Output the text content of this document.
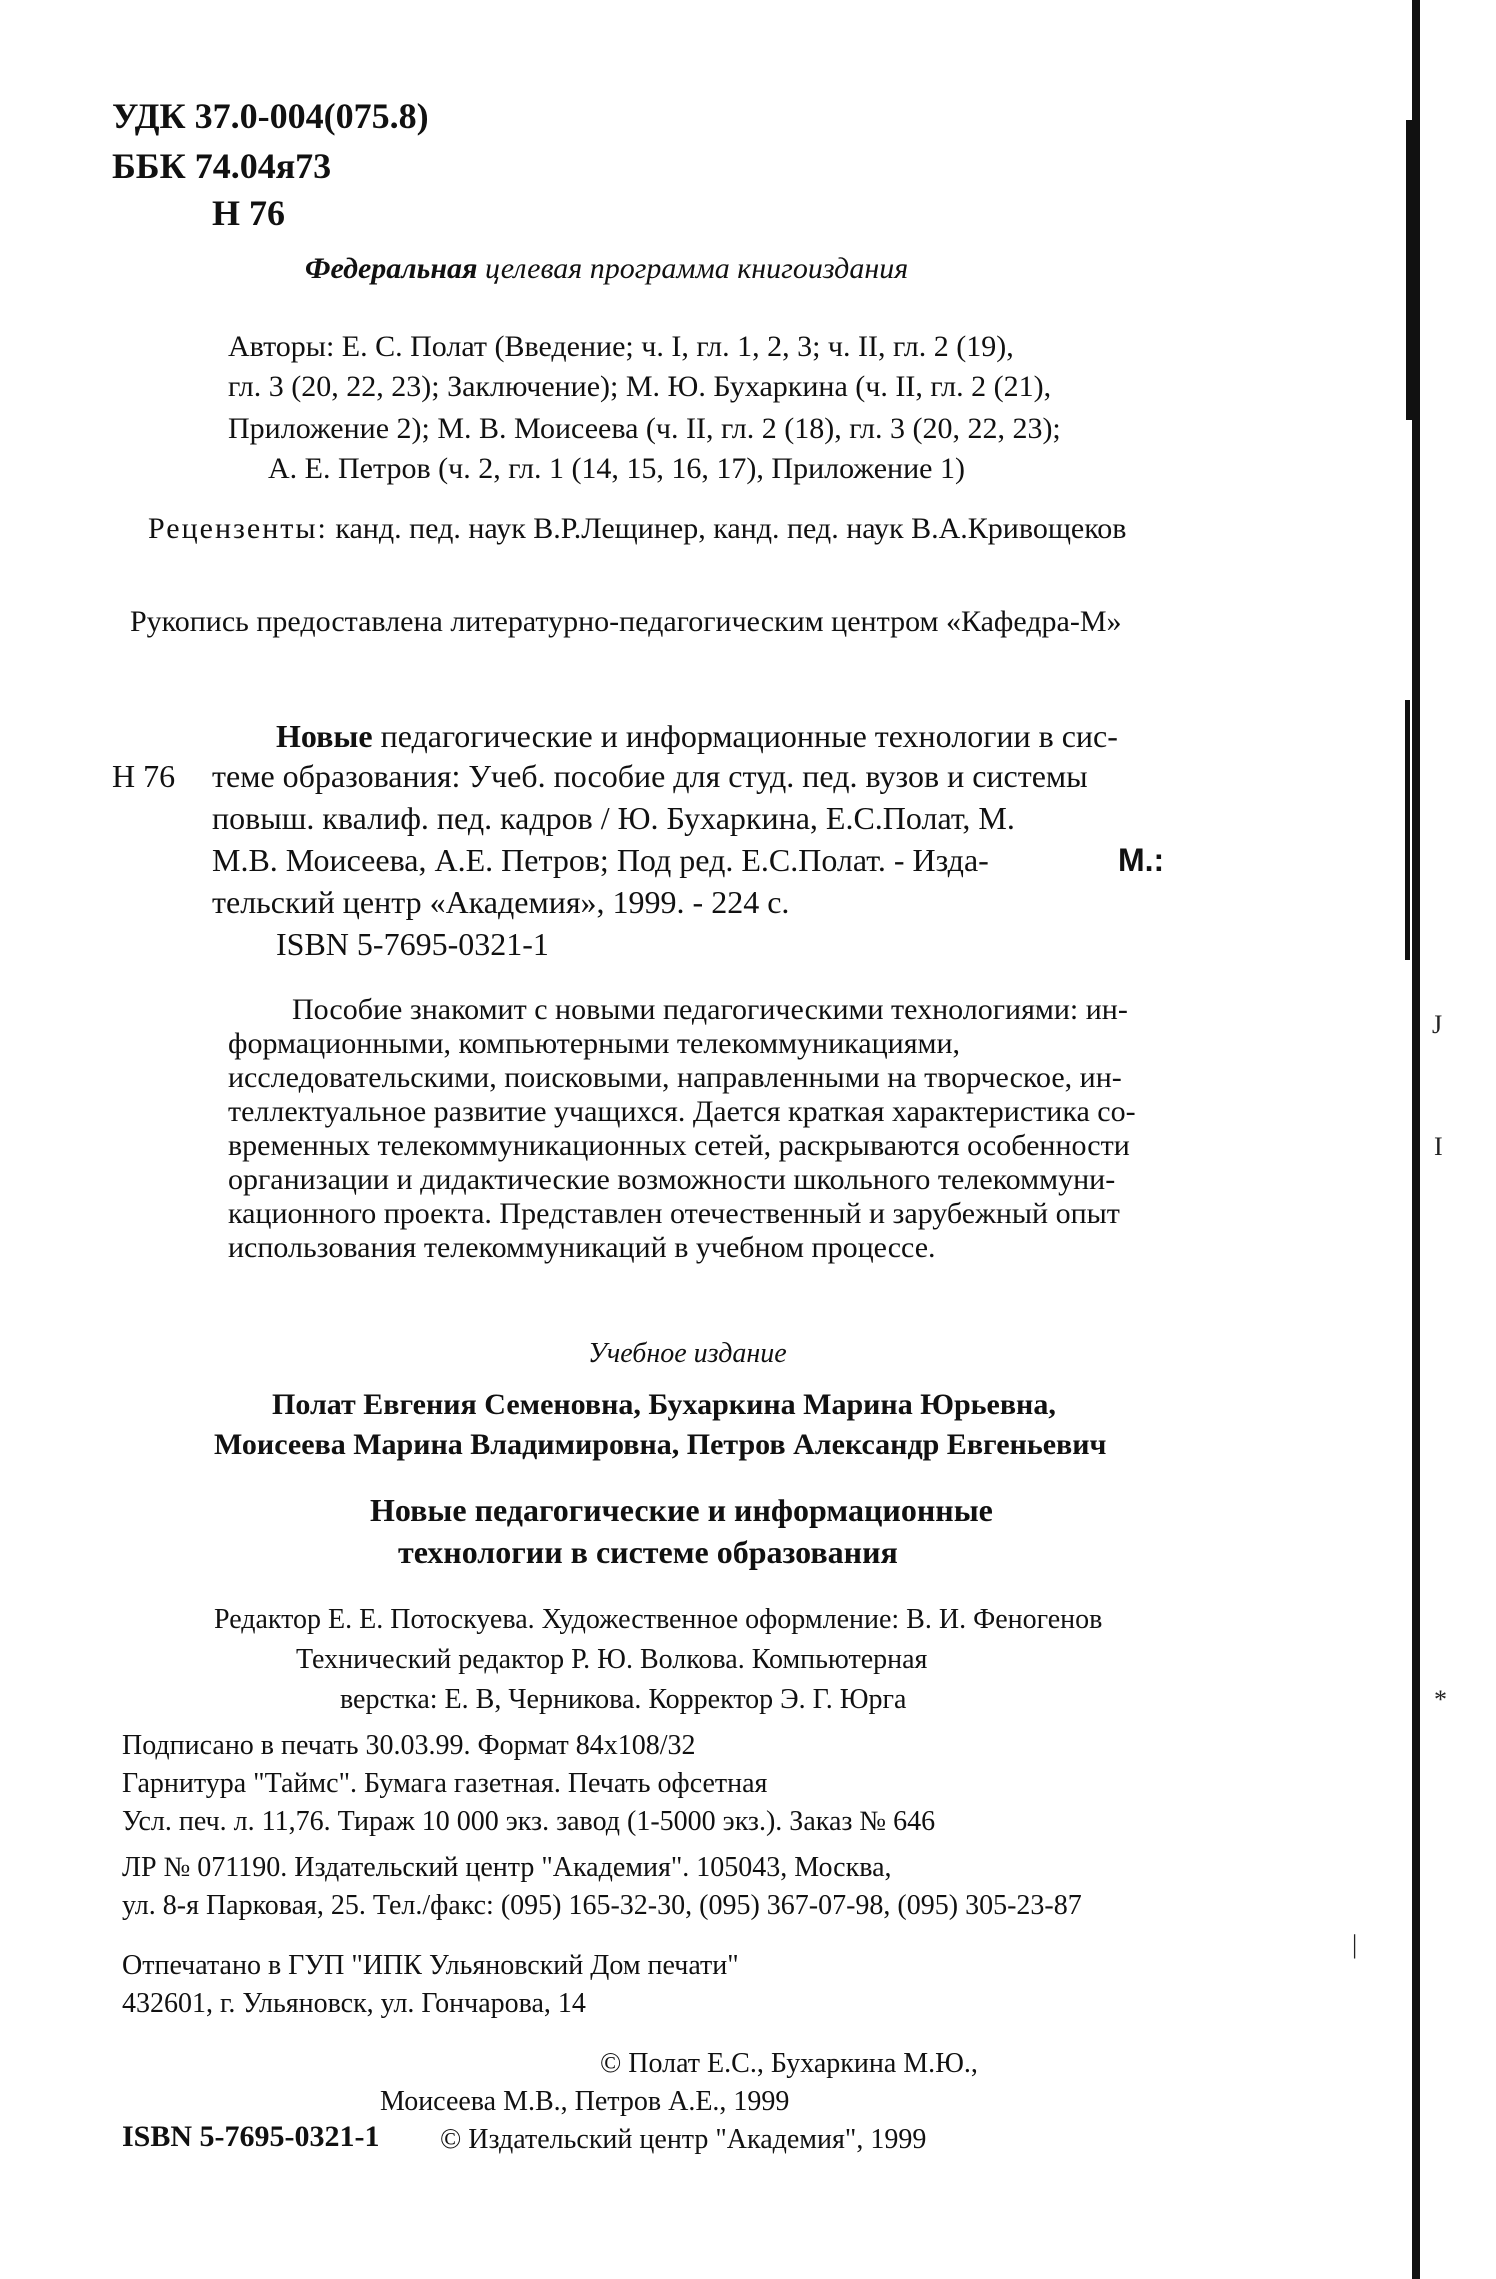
J
I
*
|
УДК 37.0-004(075.8)
ББК 74.04я73
Н 76
Федеральная целевая программа книгоиздания
Авторы: Е. С. Полат (Введение; ч. I, гл. 1, 2, 3; ч. II, гл. 2 (19),
гл. 3 (20, 22, 23); Заключение); М. Ю. Бухаркина (ч. II, гл. 2 (21),
Приложение 2); М. В. Моисеева (ч. II, гл. 2 (18), гл. 3 (20, 22, 23);
А. Е. Петров (ч. 2, гл. 1 (14, 15, 16, 17), Приложение 1)
Рецензенты: канд. пед. наук В.Р.Лещинер, канд. пед. наук В.А.Кривощеков
Рукопись предоставлена литературно-педагогическим центром «Кафедра-М»
Новые педагогические и информационные технологии в сис-
Н 76 теме образования: Учеб. пособие для студ. пед. вузов и системы
повыш. квалиф. пед. кадров / Ю. Бухаркина, Е.С.Полат, М.
М.В. Моисеева, А.Е. Петров; Под ред. Е.С.Полат. - Изда-	М.:
тельский центр «Академия», 1999. - 224 с.
ISBN 5-7695-0321-1
Пособие знакомит с новыми педагогическими технологиями: ин-
формационными, компьютерными телекоммуникациями,
исследовательскими, поисковыми, направленными на творческое, ин-
теллектуальное развитие учащихся. Дается краткая характеристика со-
временных телекоммуникационных сетей, раскрываются особенности
организации и дидактические возможности школьного телекоммуни-
кационного проекта. Представлен отечественный и зарубежный опыт
использования телекоммуникаций в учебном процессе.
Учебное издание
Полат Евгения Семеновна, Бухаркина Марина Юрьевна,
Моисеева Марина Владимировна, Петров Александр Евгеньевич
Новые педагогические и информационные
технологии в системе образования
Редактор Е. Е. Потоскуева. Художественное оформление: В. И. Феногенов
Технический редактор Р. Ю. Волкова. Компьютерная
верстка: Е. В, Черникова. Корректор Э. Г. Юрга
Подписано в печать 30.03.99. Формат 84x108/32
Гарнитура "Таймс". Бумага газетная. Печать офсетная
Усл. печ. л. 11,76. Тираж 10 000 экз. завод (1-5000 экз.). Заказ № 646
ЛР № 071190. Издательский центр "Академия". 105043, Москва,
ул. 8-я Парковая, 25. Тел./факс: (095) 165-32-30, (095) 367-07-98, (095) 305-23-87
Отпечатано в ГУП "ИПК Ульяновский Дом печати"
432601, г. Ульяновск, ул. Гончарова, 14
© Полат Е.С., Бухаркина М.Ю.,
Моисеева М.В., Петров А.Е., 1999
ISBN 5-7695-0321-1 © Издательский центр "Академия", 1999
